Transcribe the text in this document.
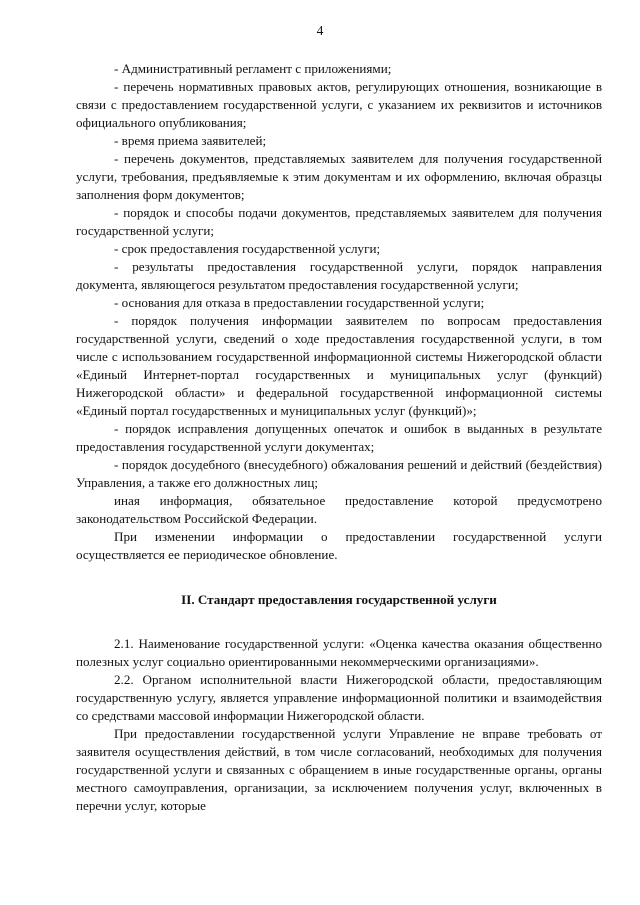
4

- Административный регламент с приложениями;

- перечень нормативных правовых актов, регулирующих отношения, возникающие в связи с предоставлением государственной услуги, с указанием их реквизитов и источников официального опубликования;

- время приема заявителей;

- перечень документов, представляемых заявителем для получения государственной услуги, требования, предъявляемые к этим документам и их оформлению, включая образцы заполнения форм документов;

- порядок и способы подачи документов, представляемых заявителем для получения государственной услуги;

- срок предоставления государственной услуги;

- результаты предоставления государственной услуги, порядок направления документа, являющегося результатом предоставления государственной услуги;

- основания для отказа в предоставлении государственной услуги;

- порядок получения информации заявителем по вопросам предоставления государственной услуги, сведений о ходе предоставления государственной услуги, в том числе с использованием государственной информационной системы Нижегородской области «Единый Интернет-портал государственных и муниципальных услуг (функций) Нижегородской области» и федеральной государственной информационной системы «Единый портал государственных и муниципальных услуг (функций)»;

- порядок исправления допущенных опечаток и ошибок в выданных в результате предоставления государственной услуги документах;

- порядок досудебного (внесудебного) обжалования решений и действий (бездействия) Управления, а также его должностных лиц;

иная информация, обязательное предоставление которой предусмотрено законодательством Российской Федерации.

При изменении информации о предоставлении государственной услуги осуществляется ее периодическое обновление.

II. Стандарт предоставления государственной услуги

2.1. Наименование государственной услуги: «Оценка качества оказания общественно полезных услуг социально ориентированными некоммерческими организациями».

2.2. Органом исполнительной власти Нижегородской области, предоставляющим государственную услугу, является управление информационной политики и взаимодействия со средствами массовой информации Нижегородской области.

При предоставлении государственной услуги Управление не вправе требовать от заявителя осуществления действий, в том числе согласований, необходимых для получения государственной услуги и связанных с обращением в иные государственные органы, органы местного самоуправления, организации, за исключением получения услуг, включенных в перечни услуг, которые
